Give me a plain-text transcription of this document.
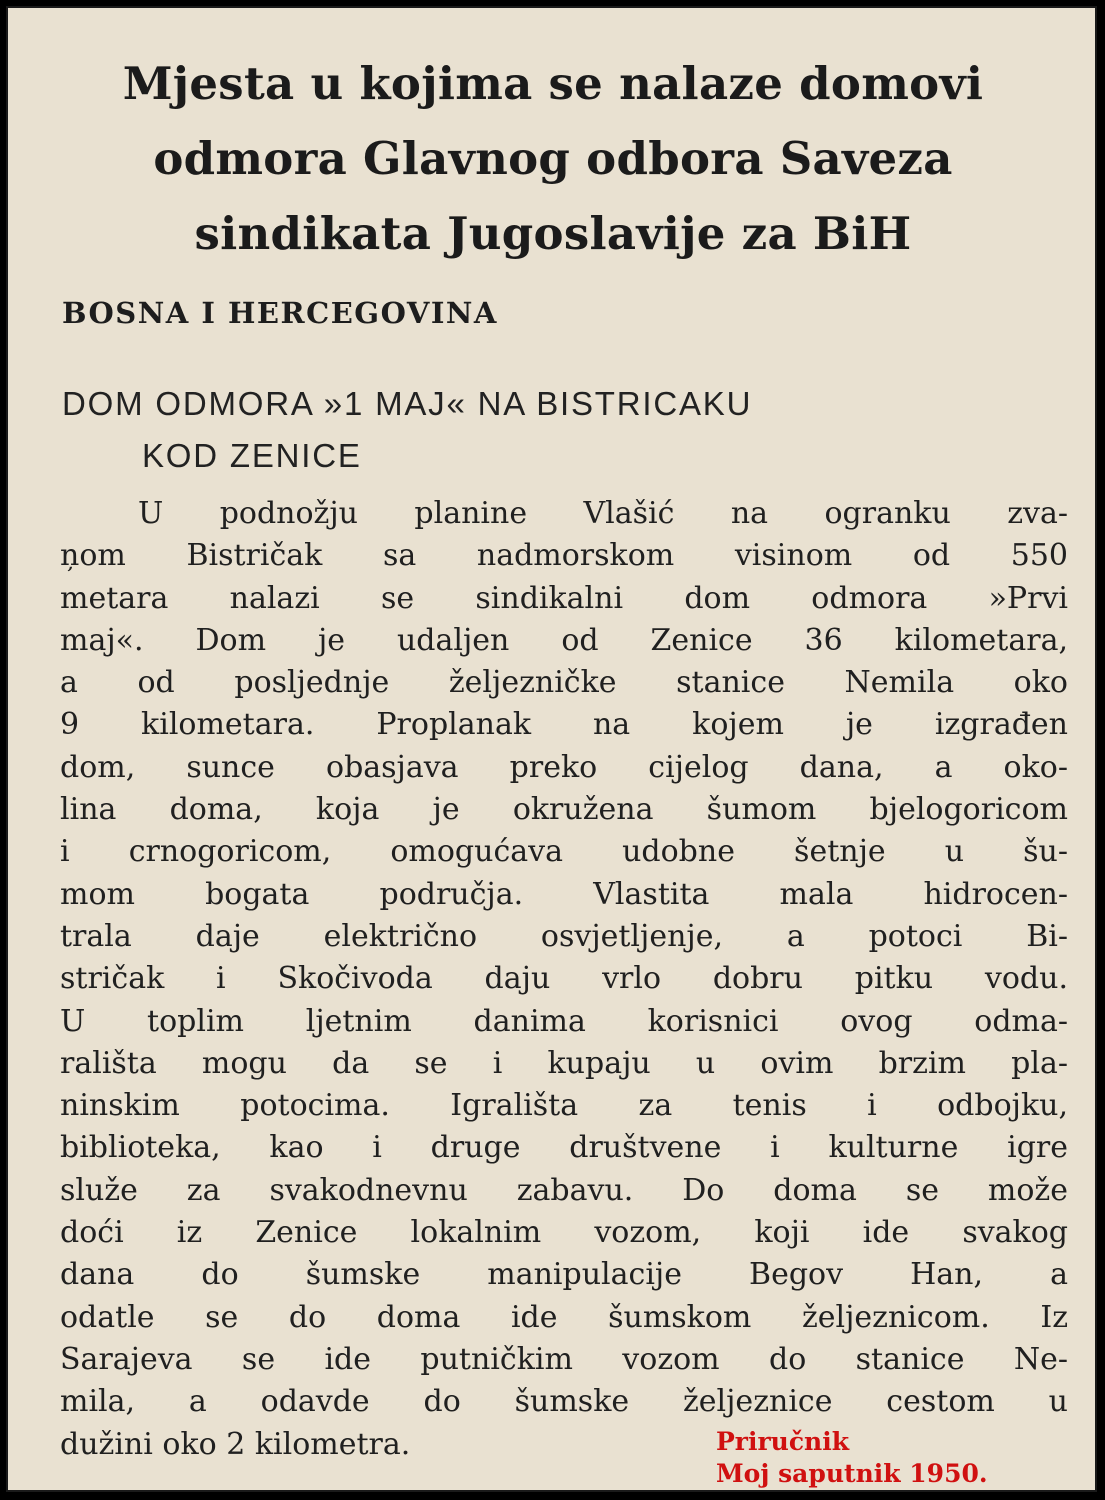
Mjesta u kojima se nalaze domovi
odmora Glavnog odbora Saveza
sindikata Jugoslavije za BiH
BOSNA I HERCEGOVINA
DOM ODMORA »1 MAJ« NA BISTRICAKU
KOD ZENICE
U podnožju planine Vlašić na ogranku zva-
ņom Bistričak sa nadmorskom visinom od 550
metara nalazi se sindikalni dom odmora »Prvi
maj«. Dom je udaljen od Zenice 36 kilometara,
a od posljednje željezničke stanice Nemila oko
9 kilometara. Proplanak na kojem je izgrađen
dom, sunce obasjava preko cijelog dana, a oko-
lina doma, koja je okružena šumom bjelogoricom
i crnogoricom, omogućava udobne šetnje u šu-
mom bogata područja. Vlastita mala hidrocen-
trala daje električno osvjetljenje, a potoci Bi-
stričak i Skočivoda daju vrlo dobru pitku vodu.
U toplim ljetnim danima korisnici ovog odma-
rališta mogu da se i kupaju u ovim brzim pla-
ninskim potocima. Igrališta za tenis i odbojku,
biblioteka, kao i druge društvene i kulturne igre
služe za svakodnevnu zabavu. Do doma se može
doći iz Zenice lokalnim vozom, koji ide svakog
dana do šumske manipulacije Begov Han, a
odatle se do doma ide šumskom željeznicom. Iz
Sarajeva se ide putničkim vozom do stanice Ne-
mila, a odavde do šumske željeznice cestom u
dužini oko 2 kilometra.	Priručnik
Moj saputnik 1950.
